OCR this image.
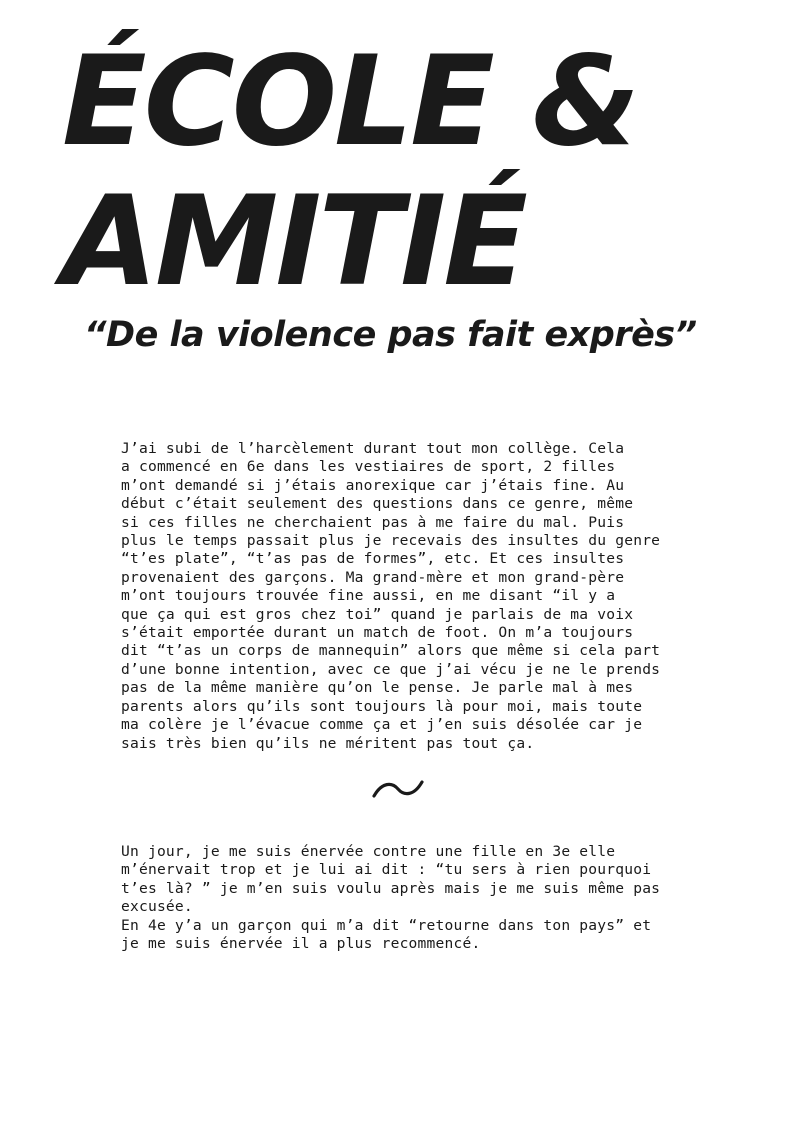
ÉCOLE &
AMITIÉ
“De la violence pas fait exprès”

J’ai subi de l’harcèlement durant tout mon collège. Cela
a commencé en 6e dans les vestiaires de sport, 2 filles
m’ont demandé si j’étais anorexique car j’étais fine. Au
début c’était seulement des questions dans ce genre, même
si ces filles ne cherchaient pas à me faire du mal. Puis
plus le temps passait plus je recevais des insultes du genre
“t’es plate”, “t’as pas de formes”, etc. Et ces insultes
provenaient des garçons. Ma grand-mère et mon grand-père
m’ont toujours trouvée fine aussi, en me disant “il y a
que ça qui est gros chez toi” quand je parlais de ma voix
s’était emportée durant un match de foot. On m’a toujours
dit “t’as un corps de mannequin” alors que même si cela part
d’une bonne intention, avec ce que j’ai vécu je ne le prends
pas de la même manière qu’on le pense. Je parle mal à mes
parents alors qu’ils sont toujours là pour moi, mais toute
ma colère je l’évacue comme ça et j’en suis désolée car je
sais très bien qu’ils ne méritent pas tout ça.

Un jour, je me suis énervée contre une fille en 3e elle
m’énervait trop et je lui ai dit : “tu sers à rien pourquoi
t’es là? ” je m’en suis voulu après mais je me suis même pas
excusée.
En 4e y’a un garçon qui m’a dit “retourne dans ton pays” et
je me suis énervée il a plus recommencé.
